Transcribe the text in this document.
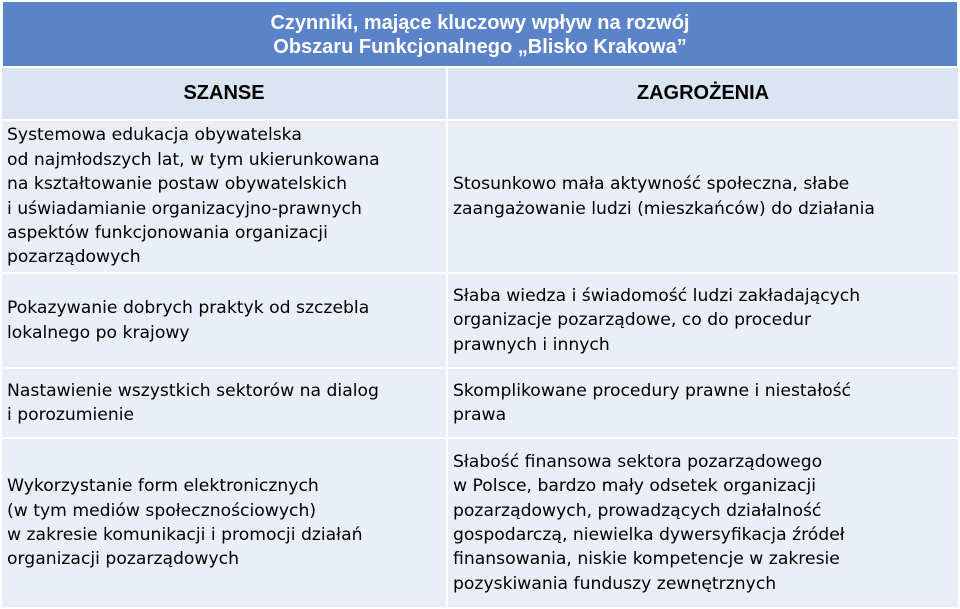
Czynniki, mające kluczowy wpływ na rozwój
Obszaru Funkcjonalnego „Blisko Krakowa”
SZANSE	ZAGROŻENIA
Systemowa edukacja obywatelska
od najmłodszych lat, w tym ukierunkowana
na kształtowanie postaw obywatelskich
i uświadamianie organizacyjno-prawnych
aspektów funkcjonowania organizacji
pozarządowych
Stosunkowo mała aktywność społeczna, słabe
zaangażowanie ludzi (mieszkańców) do działania
Pokazywanie dobrych praktyk od szczebla
lokalnego po krajowy
Słaba wiedza i świadomość ludzi zakładających
organizacje pozarządowe, co do procedur
prawnych i innych
Nastawienie wszystkich sektorów na dialog
i porozumienie
Skomplikowane procedury prawne i niestałość
prawa
Wykorzystanie form elektronicznych
(w tym mediów społecznościowych)
w zakresie komunikacji i promocji działań
organizacji pozarządowych
Słabość finansowa sektora pozarządowego
w Polsce, bardzo mały odsetek organizacji
pozarządowych, prowadzących działalność
gospodarczą, niewielka dywersyfikacja źródeł
finansowania, niskie kompetencje w zakresie
pozyskiwania funduszy zewnętrznych
